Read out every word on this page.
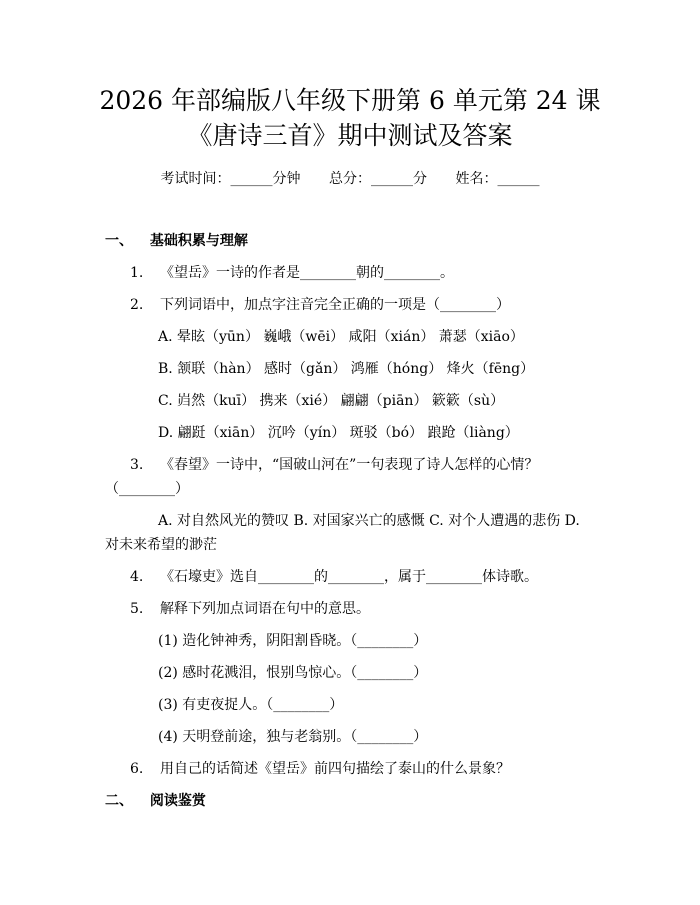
2026 年部编版八年级下册第 6 单元第 24 课
《唐诗三首》期中测试及答案
考试时间：______分钟 总分：______分 姓名：______
一、 基础积累与理解
1. 《望岳》一诗的作者是________朝的________。
2. 下列词语中，加点字注音完全正确的一项是（________）
A. 晕眩（yūn） 巍峨（wēi） 咸阳（xián） 萧瑟（xiāo）
B. 颔联（hàn） 感时（gǎn） 鸿雁（hóng） 烽火（fēng）
C. 岿然（kuī） 携来（xié） 翩翩（piān） 簌簌（sù）
D. 翩跹（xiān） 沉吟（yín） 斑驳（bó） 踉跄（liàng）
3. 《春望》一诗中，“国破山河在”一句表现了诗人怎样的心情？
（________）
A. 对自然风光的赞叹 B. 对国家兴亡的感慨 C. 对个人遭遇的悲伤 D.
对未来希望的渺茫
4. 《石壕吏》选自________的________，属于________体诗歌。
5. 解释下列加点词语在句中的意思。
(1) 造化钟神秀，阴阳割昏晓。（________）
(2) 感时花溅泪，恨别鸟惊心。（________）
(3) 有吏夜捉人。（________）
(4) 天明登前途，独与老翁别。（________）
6. 用自己的话简述《望岳》前四句描绘了泰山的什么景象？
二、 阅读鉴赏
